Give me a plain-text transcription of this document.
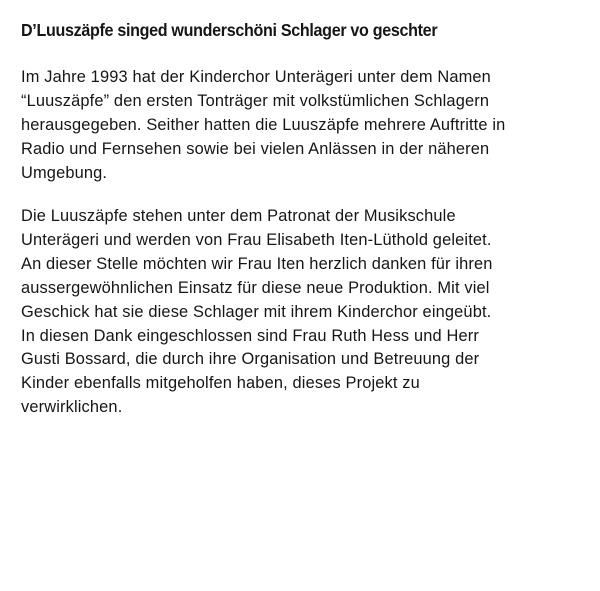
D’Luuszäpfe singed wunderschöni Schlager vo geschter

Im Jahre 1993 hat der Kinderchor Unterägeri unter dem Namen
“Luuszäpfe” den ersten Tonträger mit volkstümlichen Schlagern
herausgegeben. Seither hatten die Luuszäpfe mehrere Auftritte in
Radio und Fernsehen sowie bei vielen Anlässen in der näheren
Umgebung.

Die Luuszäpfe stehen unter dem Patronat der Musikschule
Unterägeri und werden von Frau Elisabeth Iten-Lüthold geleitet.
An dieser Stelle möchten wir Frau Iten herzlich danken für ihren
aussergewöhnlichen Einsatz für diese neue Produktion. Mit viel
Geschick hat sie diese Schlager mit ihrem Kinderchor eingeübt.
In diesen Dank eingeschlossen sind Frau Ruth Hess und Herr
Gusti Bossard, die durch ihre Organisation und Betreuung der
Kinder ebenfalls mitgeholfen haben, dieses Projekt zu
verwirklichen.
